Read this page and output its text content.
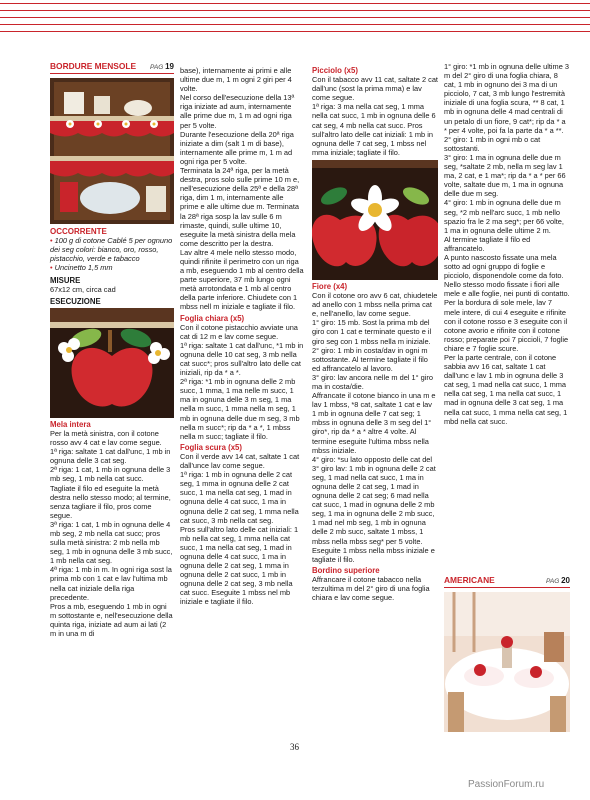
BORDURE MENSOLE PAG 19
OCCORRENTE

• 100 g di cotone Cablé 5 per ognuno dei seg colori: bianco, oro, rosso, pistacchio, verde e tabacco

• Uncinetto 1,5 mm

MISURE

67x12 cm, circa cad

ESECUZIONE
Mela intera

Per la metà sinistra, con il cotone rosso avv 4 cat e lav come segue.

1ª riga: saltate 1 cat dall'unc, 1 mb in ognuna delle 3 cat seg.

2ª riga: 1 cat, 1 mb in ognuna delle 3 mb seg, 1 mb nella cat succ.

Tagliate il filo ed eseguite la metà destra nello stesso modo; al termine, senza tagliare il filo, pros come segue.

3ª riga: 1 cat, 1 mb in ognuna delle 4 mb seg, 2 mb nella cat succ; pros sulla metà sinistra: 2 mb nella mb seg, 1 mb in ognuna delle 3 mb succ, 1 mb nella cat seg.

4ª riga: 1 mb in m. In ogni riga sost la prima mb con 1 cat e lav l'ultima mb nella cat iniziale della riga precedente.

Pros a mb, eseguendo 1 mb in ogni m sottostante e, nell'esecuzione della quinta riga, iniziate ad aum ai lati (2 m in una m di

base), internamente ai primi e alle ultime due m, 1 m ogni 2 giri per 4 volte.

Nel corso dell'esecuzione della 13ª riga iniziate ad aum, internamente alle prime due m, 1 m ad ogni riga per 5 volte.

Durante l'esecuzione della 20ª riga iniziate a dim (salt 1 m di base), internamente alle prime m, 1 m ad ogni riga per 5 volte.

Terminata la 24ª riga, per la metà destra, pros solo sulle prime 10 m e, nell'esecuzione della 25ª e della 28ª riga, dim 1 m, internamente alle prime e alle ultime due m. Terminata la 28ª riga sosp la lav sulle 6 m rimaste, quindi, sulle ultime 10, eseguite la metà sinistra della mela come descritto per la destra.

Lav altre 4 mele nello stesso modo, quindi rifinite il perimetro con un riga a mb, eseguendo 1 mb al centro della parte superiore, 37 mb lungo ogni metà arrotondata e 1 mb al centro della parte inferiore. Chiudete con 1 mbss nell m iniziale e tagliate il filo.

Foglia chiara (x5)

Con il cotone pistacchio avviate una cat di 12 m e lav come segue.

1ª riga: saltate 1 cat dall'unc, *1 mb in ognuna delle 10 cat seg, 3 mb nella cat succ*; pros sull'altro lato delle cat iniziali, rip da * a *.

2ª riga: *1 mb in ognuna delle 2 mb succ, 1 mma, 1 ma nelle m succ, 1 ma in ognuna delle 3 m seg, 1 ma nella m succ, 1 mma nella m seg, 1 mb in ognuna delle due m seg, 3 mb nella m succ*; rip da * a *, 1 mbss nella m succ; tagliate il filo.

Foglia scura (x5)

Con il verde avv 14 cat, saltate 1 cat dall'unce lav come segue.

1ª riga: 1 mb in ognuna delle 2 cat seg, 1 mma in ognuna delle 2 cat succ, 1 ma nella cat seg, 1 mad in ognuna delle 4 cat succ, 1 ma in ognuna delle 2 cat seg, 1 mma nella cat succ, 3 mb nella cat seg.

Pros sull'altro lato delle cat iniziali: 1 mb nella cat seg, 1 mma nella cat succ, 1 ma nella cat seg, 1 mad in ognuna delle 4 cat succ, 1 ma in ognuna delle 2 cat seg, 1 mma in ognuna delle 2 cat succ, 1 mb in ognuna delle 2 cat seg, 3 mb nella cat succ. Eseguite 1 mbss nel mb iniziale e tagliate il filo.

Picciolo (x5)

Con il tabacco avv 11 cat, saltate 2 cat dall'unc (sost la prima mma) e lav come segue.

1ª riga: 3 ma nella cat seg, 1 mma nella cat succ, 1 mb in ognuna delle 6 cat seg, 4 mb nella cat succ. Pros sull'altro lato delle cat iniziali: 1 mb in ognuna delle 7 cat seg, 1 mbss nel mma iniziale; tagliate il filo.

Fiore (x4)

Con il cotone oro avv 6 cat, chiudetele ad anello con 1 mbss nella prima cat e, nell'anello, lav come segue.

1° giro: 15 mb. Sost la prima mb del giro con 1 cat e terminate questo e il giro seg con 1 mbss nella m iniziale.

2° giro: 1 mb in costa/dav in ogni m sottostante. Al termine tagliate il filo ed affrancatelo al lavoro.

3° giro: lav ancora nelle m del 1° giro ma in costa/die.

Affrancate il cotone bianco in una m e lav 1 mbss, *8 cat, saltate 1 cat e lav 1 mb in ognuna delle 7 cat seg; 1 mbss in ognuna delle 3 m seg del 1° giro*, rip da * a * altre 4 volte. Al termine eseguite l'ultima mbss nella mbss iniziale.

4° giro: *su lato opposto delle cat del 3° giro lav: 1 mb in ognuna delle 2 cat seg, 1 mad nella cat succ, 1 ma in ognuna delle 2 cat seg, 1 mad in ognuna delle 2 cat seg; 6 mad nella cat succ, 1 mad in ognuna delle 2 mb seg, 1 ma in ognuna delle 2 mb succ, 1 mad nel mb seg, 1 mb in ognuna delle 2 mb succ, saltate 1 mbss, 1 mbss nella mbss seg* per 5 volte. Eseguite 1 mbss nella mbss iniziale e tagliate il filo.

Bordino superiore

Affrancare il cotone tabacco nella terzultima m del 2° giro di una foglia chiara e lav come segue.

1° giro: *1 mb in ognuna delle ultime 3 m del 2° giro di una foglia chiara, 8 cat, 1 mb in ognuno dei 3 ma di un picciolo, 7 cat, 3 mb lungo l'estremità iniziale di una foglia scura, ** 8 cat, 1 mb in ognuna delle 4 mad centrali di un petalo di un fiore, 9 cat*; rip da * a * per 4 volte, poi fa la parte da * a **.

2° giro: 1 mb in ogni mb o cat sottostanti.

3° giro: 1 ma in ognuna delle due m seg, *saltate 2 mb, nella m seg lav 1 ma, 2 cat, e 1 ma*; rip da * a * per 66 volte, saltate due m, 1 ma in ognuna delle due m seg.

4° giro: 1 mb in ognuna delle due m seg, *2 mb nell'arc succ, 1 mb nello spazio fra le 2 ma seg*; per 66 volte, 1 ma in ognuna delle ultime 2 m.

Al termine tagliate il filo ed affrancatelo.

A punto nascosto fissate una mela sotto ad ogni gruppo di foglie e picciolo, disponendole come da foto. Nello stesso modo fissate i fiori alle mele e alle foglie, nei punti di contatto.

Per la bordura di sole mele, lav 7 mele intere, di cui 4 eseguite e rifinite con il cotone rosso e 3 eseguite con il cotone avorio e rifinite con il cotone rosso; preparate poi 7 piccioli, 7 foglie chiare e 7 foglie scure.

Per la parte centrale, con il cotone sabbia avv 16 cat, saltate 1 cat dall'unc e lav 1 mb in ognuna delle 3 cat seg, 1 mad nella cat succ, 1 mma nella cat seg, 1 ma nella cat succ, 1 mad in ognuna delle 3 cat seg, 1 ma nella cat succ, 1 mma nella cat seg, 1 mbd nella cat succ.

AMERICANE	PAG 20
36
PassionForum.ru
